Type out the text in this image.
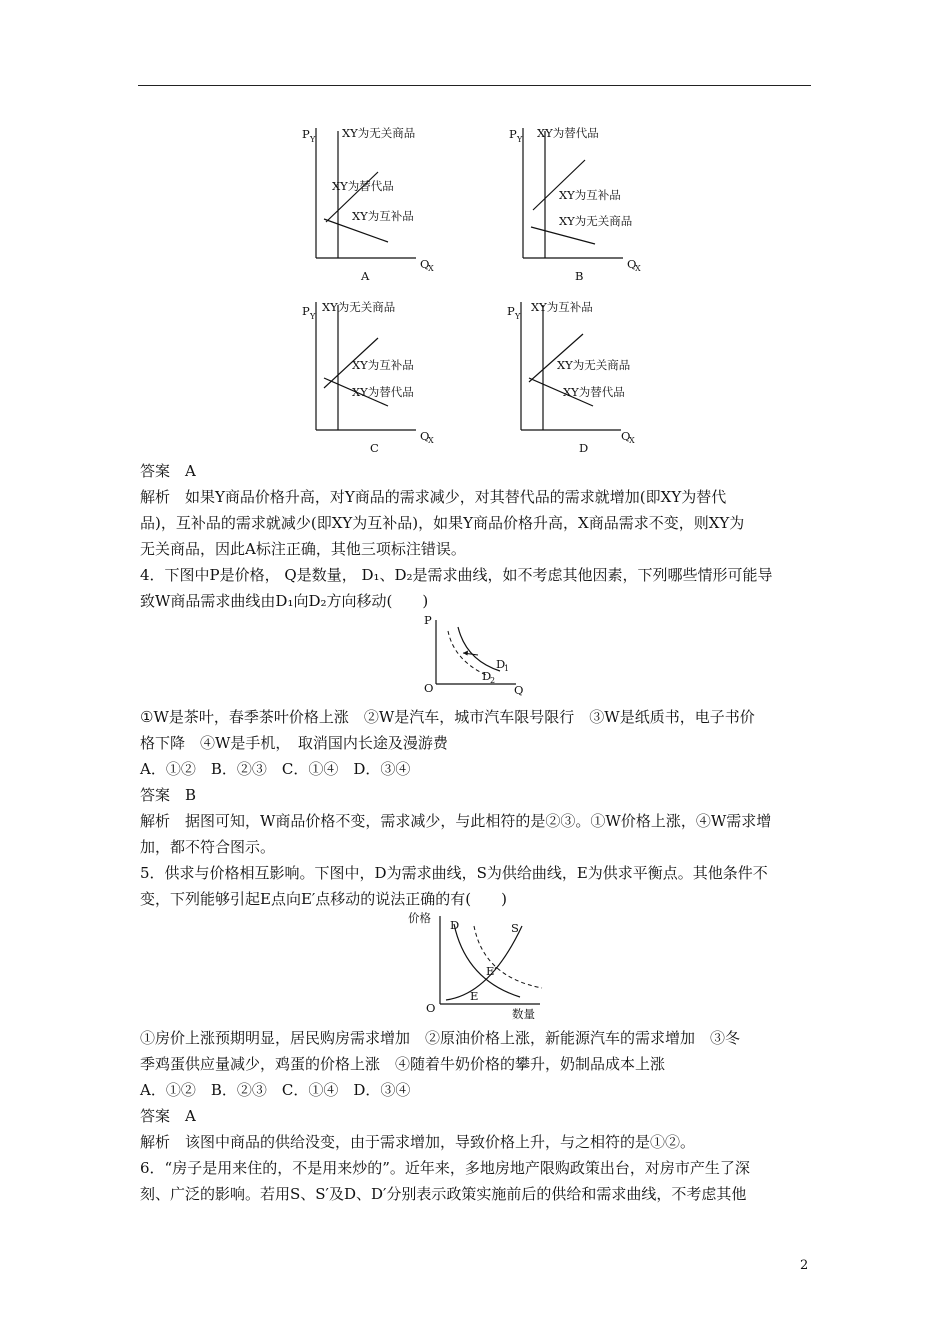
P Y XY为无关商品
XY为替代品
XY为互补品
Q
X
A
P Y XY为替代品
XY为互补品
XY为无关商品
Q
X
B
P Y
XY为无关商品
XY为互补品
XY为替代品
Q
X
C
P Y
XY为互补品
XY为无关商品
XY为替代品
Q
X
D
答案　A
解析　如果Y商品价格升高，对Y商品的需求减少，对其替代品的需求就增加(即XY为替代
品)，互补品的需求就减少(即XY为互补品)，如果Y商品价格升高，X商品需求不变，则XY为
无关商品，因此A标注正确，其他三项标注错误。
4．下图中P是价格， Q是数量， D₁、D₂是需求曲线，如不考虑其他因素，下列哪些情形可能导
致W商品需求曲线由D₁向D₂方向移动(　　)
P
O	Q
D
1
D
2
①W是茶叶，春季茶叶价格上涨　②W是汽车，城市汽车限号限行　③W是纸质书，电子书价
格下降　④W是手机，　取消国内长途及漫游费
A．①②　B．②③　C．①④　D．③④
答案　B
解析　据图可知，W商品价格不变，需求减少，与此相符的是②③。①W价格上涨，④W需求增
加，都不符合图示。
5．供求与价格相互影响。下图中，D为需求曲线，S为供给曲线，E为供求平衡点。其他条件不
变，下列能够引起E点向E′点移动的说法正确的有(　　)
价格
O	数量
D	S
E
E′
①房价上涨预期明显，居民购房需求增加　②原油价格上涨，新能源汽车的需求增加　③冬
季鸡蛋供应量减少，鸡蛋的价格上涨　④随着牛奶价格的攀升，奶制品成本上涨
A．①②　B．②③　C．①④　D．③④
答案　A
解析　该图中商品的供给没变，由于需求增加，导致价格上升，与之相符的是①②。
6．“房子是用来住的，不是用来炒的”。近年来，多地房地产限购政策出台，对房市产生了深
刻、广泛的影响。若用S、S′及D、D′分别表示政策实施前后的供给和需求曲线，不考虑其他
2
